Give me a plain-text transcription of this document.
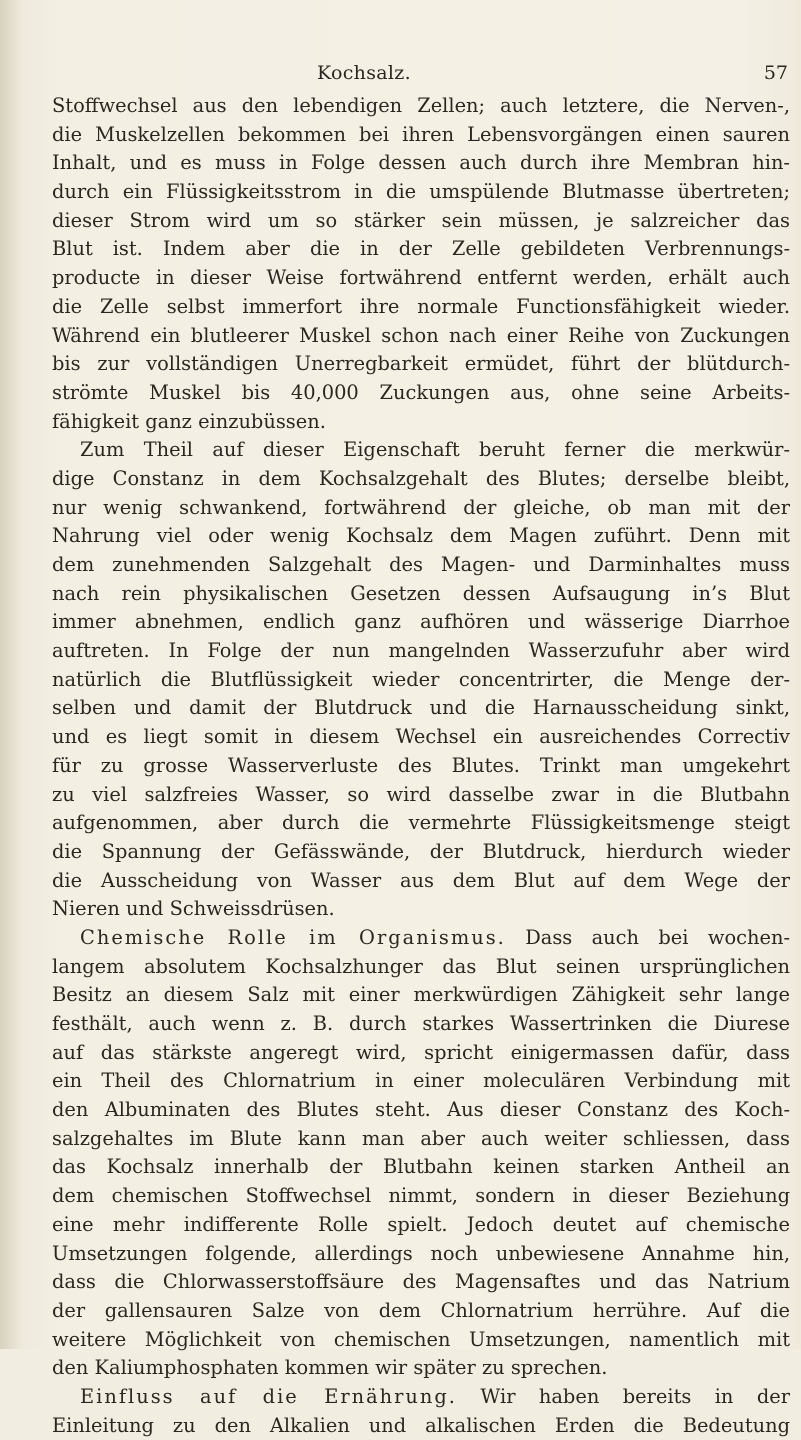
Kochsalz.	57
Stoffwechsel aus den lebendigen Zellen; auch letztere, die Nerven-,
die Muskelzellen bekommen bei ihren Lebensvorgängen einen sauren
Inhalt, und es muss in Folge dessen auch durch ihre Membran hin-
durch ein Flüssigkeitsstrom in die umspülende Blutmasse übertreten;
dieser Strom wird um so stärker sein müssen, je salzreicher das
Blut ist. Indem aber die in der Zelle gebildeten Verbrennungs-
producte in dieser Weise fortwährend entfernt werden, erhält auch
die Zelle selbst immerfort ihre normale Functionsfähigkeit wieder.
Während ein blutleerer Muskel schon nach einer Reihe von Zuckungen
bis zur vollständigen Unerregbarkeit ermüdet, führt der blütdurch-
strömte Muskel bis 40,000 Zuckungen aus, ohne seine Arbeits-
fähigkeit ganz einzubüssen.
Zum Theil auf dieser Eigenschaft beruht ferner die merkwür-
dige Constanz in dem Kochsalzgehalt des Blutes; derselbe bleibt,
nur wenig schwankend, fortwährend der gleiche, ob man mit der
Nahrung viel oder wenig Kochsalz dem Magen zuführt. Denn mit
dem zunehmenden Salzgehalt des Magen- und Darminhaltes muss
nach rein physikalischen Gesetzen dessen Aufsaugung in’s Blut
immer abnehmen, endlich ganz aufhören und wässerige Diarrhoe
auftreten. In Folge der nun mangelnden Wasserzufuhr aber wird
natürlich die Blutflüssigkeit wieder concentrirter, die Menge der-
selben und damit der Blutdruck und die Harnausscheidung sinkt,
und es liegt somit in diesem Wechsel ein ausreichendes Correctiv
für zu grosse Wasserverluste des Blutes. Trinkt man umgekehrt
zu viel salzfreies Wasser, so wird dasselbe zwar in die Blutbahn
aufgenommen, aber durch die vermehrte Flüssigkeitsmenge steigt
die Spannung der Gefässwände, der Blutdruck, hierdurch wieder
die Ausscheidung von Wasser aus dem Blut auf dem Wege der
Nieren und Schweissdrüsen.
Chemische Rolle im Organismus. Dass auch bei wochen-
langem absolutem Kochsalzhunger das Blut seinen ursprünglichen
Besitz an diesem Salz mit einer merkwürdigen Zähigkeit sehr lange
festhält, auch wenn z. B. durch starkes Wassertrinken die Diurese
auf das stärkste angeregt wird, spricht einigermassen dafür, dass
ein Theil des Chlornatrium in einer moleculären Verbindung mit
den Albuminaten des Blutes steht. Aus dieser Constanz des Koch-
salzgehaltes im Blute kann man aber auch weiter schliessen, dass
das Kochsalz innerhalb der Blutbahn keinen starken Antheil an
dem chemischen Stoffwechsel nimmt, sondern in dieser Beziehung
eine mehr indifferente Rolle spielt. Jedoch deutet auf chemische
Umsetzungen folgende, allerdings noch unbewiesene Annahme hin,
dass die Chlorwasserstoffsäure des Magensaftes und das Natrium
der gallensauren Salze von dem Chlornatrium herrühre. Auf die
weitere Möglichkeit von chemischen Umsetzungen, namentlich mit
den Kaliumphosphaten kommen wir später zu sprechen.
Einfluss auf die Ernährung. Wir haben bereits in der
Einleitung zu den Alkalien und alkalischen Erden die Bedeutung
